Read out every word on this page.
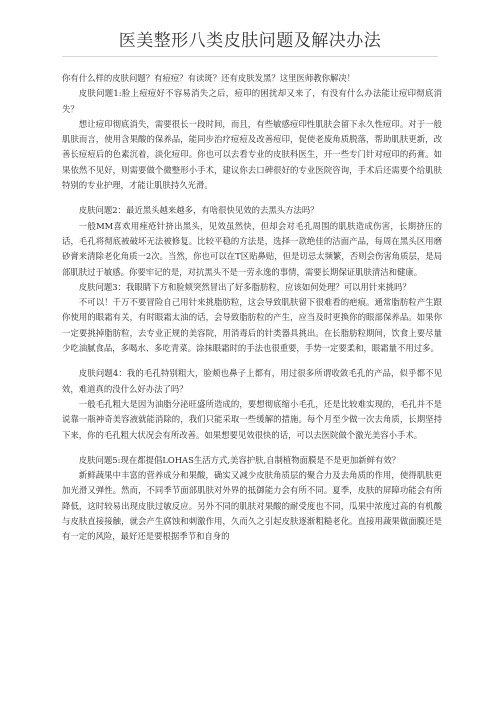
医美整形八类皮肤问题及解决办法

你有什么样的皮肤问题？有痘痘？有读斑？还有皮肤发黑？这里医师教你解决！

皮肤问题1:脸上痘痘好不容易消失之后，痘印的困扰却又来了，有没有什么办法能让痘印彻底消失？

想让痘印彻底消失，需要很长一段时间，而且，有些敏感痘印性肌肤会留下永久性痘印。对于一般肌肤而言，使用含果酸的保养品，能同步治疗痘痘及改善痘印，促使老废角质脱落，帮助肌肤更新，改善长痘痘后的色素沉着，淡化痘印。你也可以去看专业的皮肤科医生，开一些专门针对痘印的药膏。如果依然不见好，则需要做个微整形小手术，建议你去口碑很好的专业医院咨询，手术后还需要个给肌肤特别的专业护理，才能让肌肤持久光滑。

皮肤问题2：最近黑头越来越多，有啥很快见效的去黑头方法吗？

一般MM喜欢用痤疮针挤出黑头，见效虽然快，但却会对毛孔周围的肌肤造成伤害，长期挤压的话，毛孔将彻底被破坏无法被修复。比较平稳的方法是，选择一款绝佳的洁面产品，每周在黑头区用磨砂膏来清除老化角质一2次。当然，你也可以在T区贴鼻贴，但是切忌太频繁，否则会伤害角质层，是局部肌肤过于敏感。你要牢记的是，对抗黑头不是一劳永逸的事情，需要长期保证肌肤清洁和健康。

皮肤问题3：我眼睛下方和脸颊突然冒出了好多脂肪粒，应该如何处理？可以用针来挑吗？

不可以！千万不要冒险自己用针来挑脂肪粒，这会导致肌肤留下很难看的疤痕。通常脂肪粒产生跟你使用的眼霜有关，有时眼霜太油的话，会导致脂肪粒的产生，应当及时更换你的眼部保养品。如果你一定要挑掉脂肪粒，去专业正规的美容院，用消毒后的针类器具挑出。在长脂肪粒期间，饮食上要尽量少吃油腻食品，多喝水、多吃青菜。涂抹眼霜时的手法也很重要，手势一定要柔和，眼霜量不用过多。

皮肤问题4：我的毛孔特别粗大，脸颊也鼻子上都有，用过很多所谓收敛毛孔的产品，似乎都不见效，难道真的没什么好办法了吗？

一般毛孔粗大是因为油脂分泌旺盛所造成的，要想彻底缩小毛孔，还是比较难实现的，毛孔并不是说靠一瓶神奇美容液就能消除的，我们只能采取一些缓解的措施。每个月至少做一次去角质，长期坚持下来，你的毛孔粗大状况会有所改善。如果想要见效很快的话，可以去医院做个激光美容小手术。

皮肤问题5:现在都提倡LOHAS生活方式,美容护肤,自制植物面膜是不是更加新鲜有效？

新鲜蔬果中丰富的营养成分和果酸，确实又减少皮肤角质层的聚合力及去角质的作用，使得肌肤更加光滑又弹性。然而，不同季节面部肌肤对外界的抵御能力会有所不同。夏季，皮肤的屏障功能会有所降低，这时较易出现皮肤过敏反应。另外不同的肌肤对果酸的耐受度也不同，瓜果中浓度过高的有机酸与皮肤直接接触，就会产生腐蚀和刺激作用，久而久之引起皮肤逐渐粗糙老化。直接用蔬果做面膜还是有一定的风险，最好还是要根据季节和自身的
